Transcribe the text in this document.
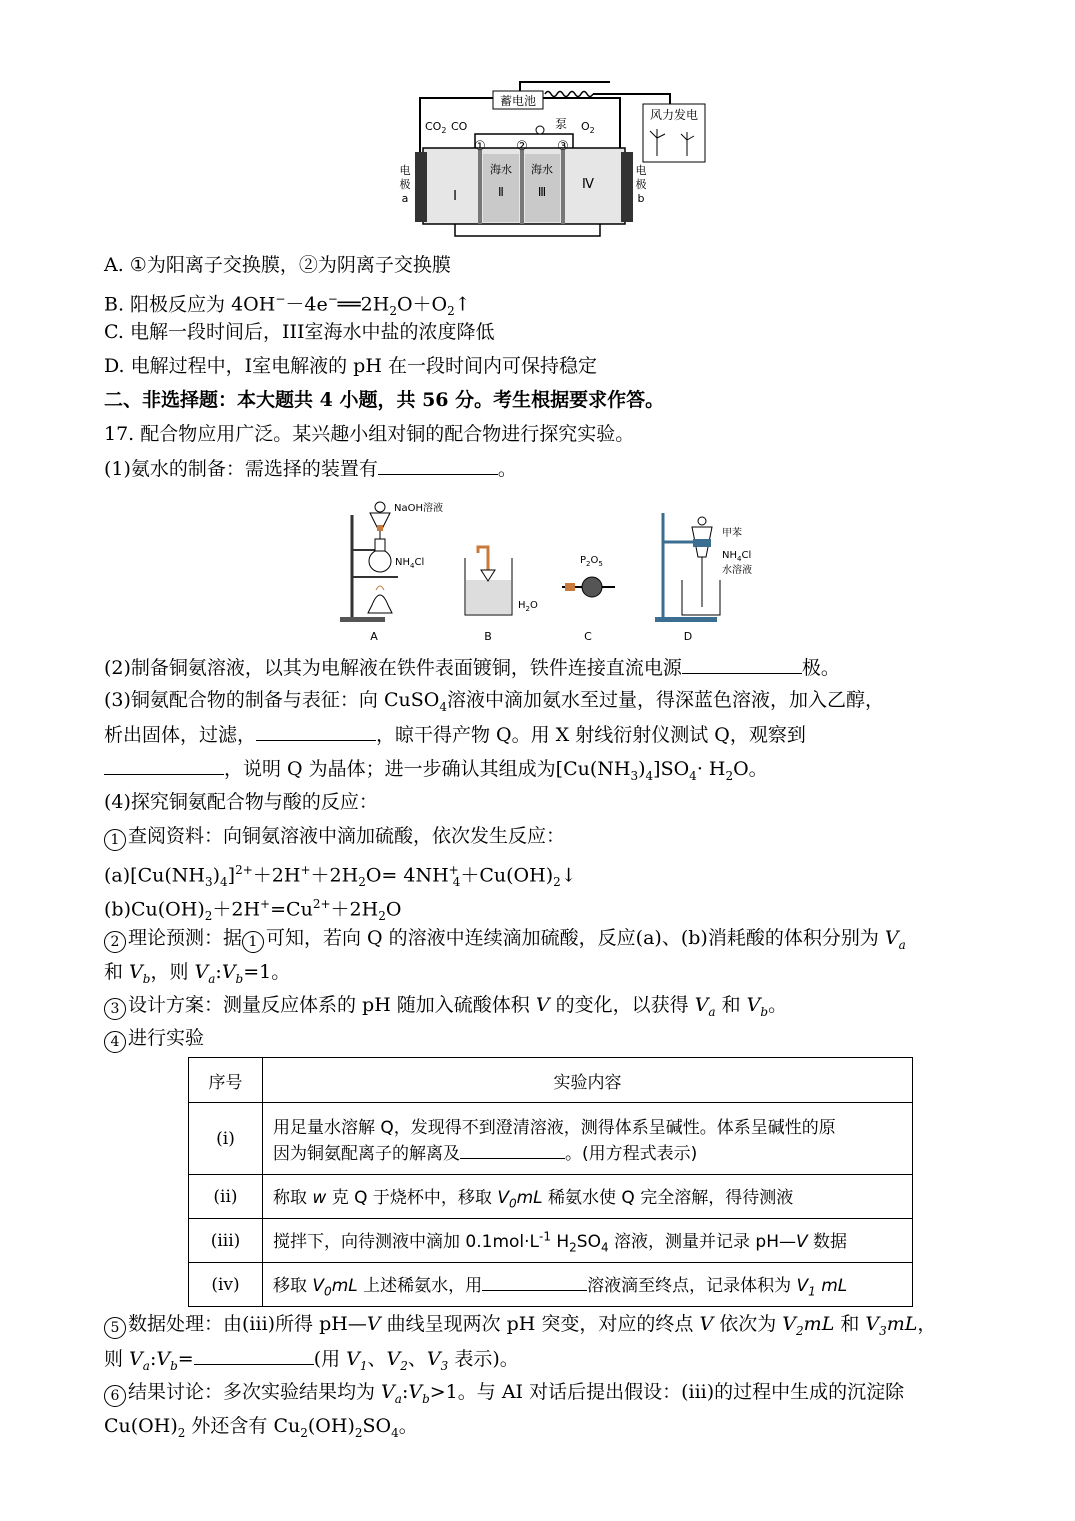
蓄电池
风力发电
泵
$CO_2$ CO	$O_2$
① ② ③
Ⅰ
海水
Ⅱ
海水
Ⅲ	Ⅳ
电
极
a
电
极
b
A. ①为阳离子交换膜，②为阴离子交换膜
B. 阳极反应为 $4OH^--4e^-══2H_2O+O_2↑$
C. 电解一段时间后，III室海水中盐的浓度降低
D. 电解过程中，I室电解液的 pH 在一段时间内可保持稳定
二、非选择题：本大题共 4 小题，共 56 分。考生根据要求作答。
17. 配合物应用广泛。某兴趣小组对铜的配合物进行探究实验。
(1)氨水的制备：需选择的装置有	。
NaOH溶液
$NH_4Cl$
A
$H_2O$
B
$P_2O_5$
C
甲苯
$NH_4Cl$
水溶液
D
(2)制备铜氨溶液，以其为电解液在铁件表面镀铜，铁件连接直流电源	极。
(3)铜氨配合物的制备与表征：向 CuSO$_4$溶液中滴加氨水至过量，得深蓝色溶液，加入乙醇，
析出固体，过滤，	，晾干得产物 Q。用 X 射线衍射仪测试 Q，观察到
，说明 Q 为晶体；进一步确认其组成为$[Cu(NH_3)_4]SO_4\cdot H_2O$。
(4)探究铜氨配合物与酸的反应：
1 查阅资料：向铜氨溶液中滴加硫酸，依次发生反应：
$(a)[Cu(NH_3)_4]^{2+}+2H^++2H_2O=$ $4NH^+_4+Cu(OH)_2↓$
$(b)Cu(OH)_2+2H^+=Cu^{2+}+2H_2O$
2 理论预测：据 1 可知，若向 Q 的溶液中连续滴加硫酸，反应(a)、(b)消耗酸的体积分别为 $V_a$
和 $V_b$，则 $V_a:V_b=1$。
3 设计方案：测量反应体系的 pH 随加入硫酸体积 V 的变化，以获得 $V_a$ 和 $V_b$。
4 进行实验
序号	实验内容
(i)	用足量水溶解 Q，发现得不到澄清溶液，测得体系呈碱性。体系呈碱性的原
因为铜氨配离子的解离及 。(用方程式表示)
(ii)	称取 w 克 Q 于烧杯中，移取 $V_0mL$ 稀氨水使 Q 完全溶解，得待测液
(iii)	搅拌下，向待测液中滴加 $0.1mol\cdot L^{-1}$ $H_2SO_4$ 溶液，测量并记录 pH—V 数据
(iv)	移取 $V_0mL$ 上述稀氨水，用 溶液滴至终点，记录体积为 $V_1$ mL
5 数据处理：由(iii)所得 pH—V 曲线呈现两次 pH 突变，对应的终点 V 依次为 $V_2mL$ 和 $V_3mL$，
则 $V_a:V_b=$	(用 $V_1$、$V_2$、$V_3$ 表示)。
6 结果讨论：多次实验结果均为 $V_a:V_b>1$。与 AI 对话后提出假设：(iii)的过程中生成的沉淀除
$Cu(OH)_2$ 外还含有 $Cu_2(OH)_2SO_4$。
